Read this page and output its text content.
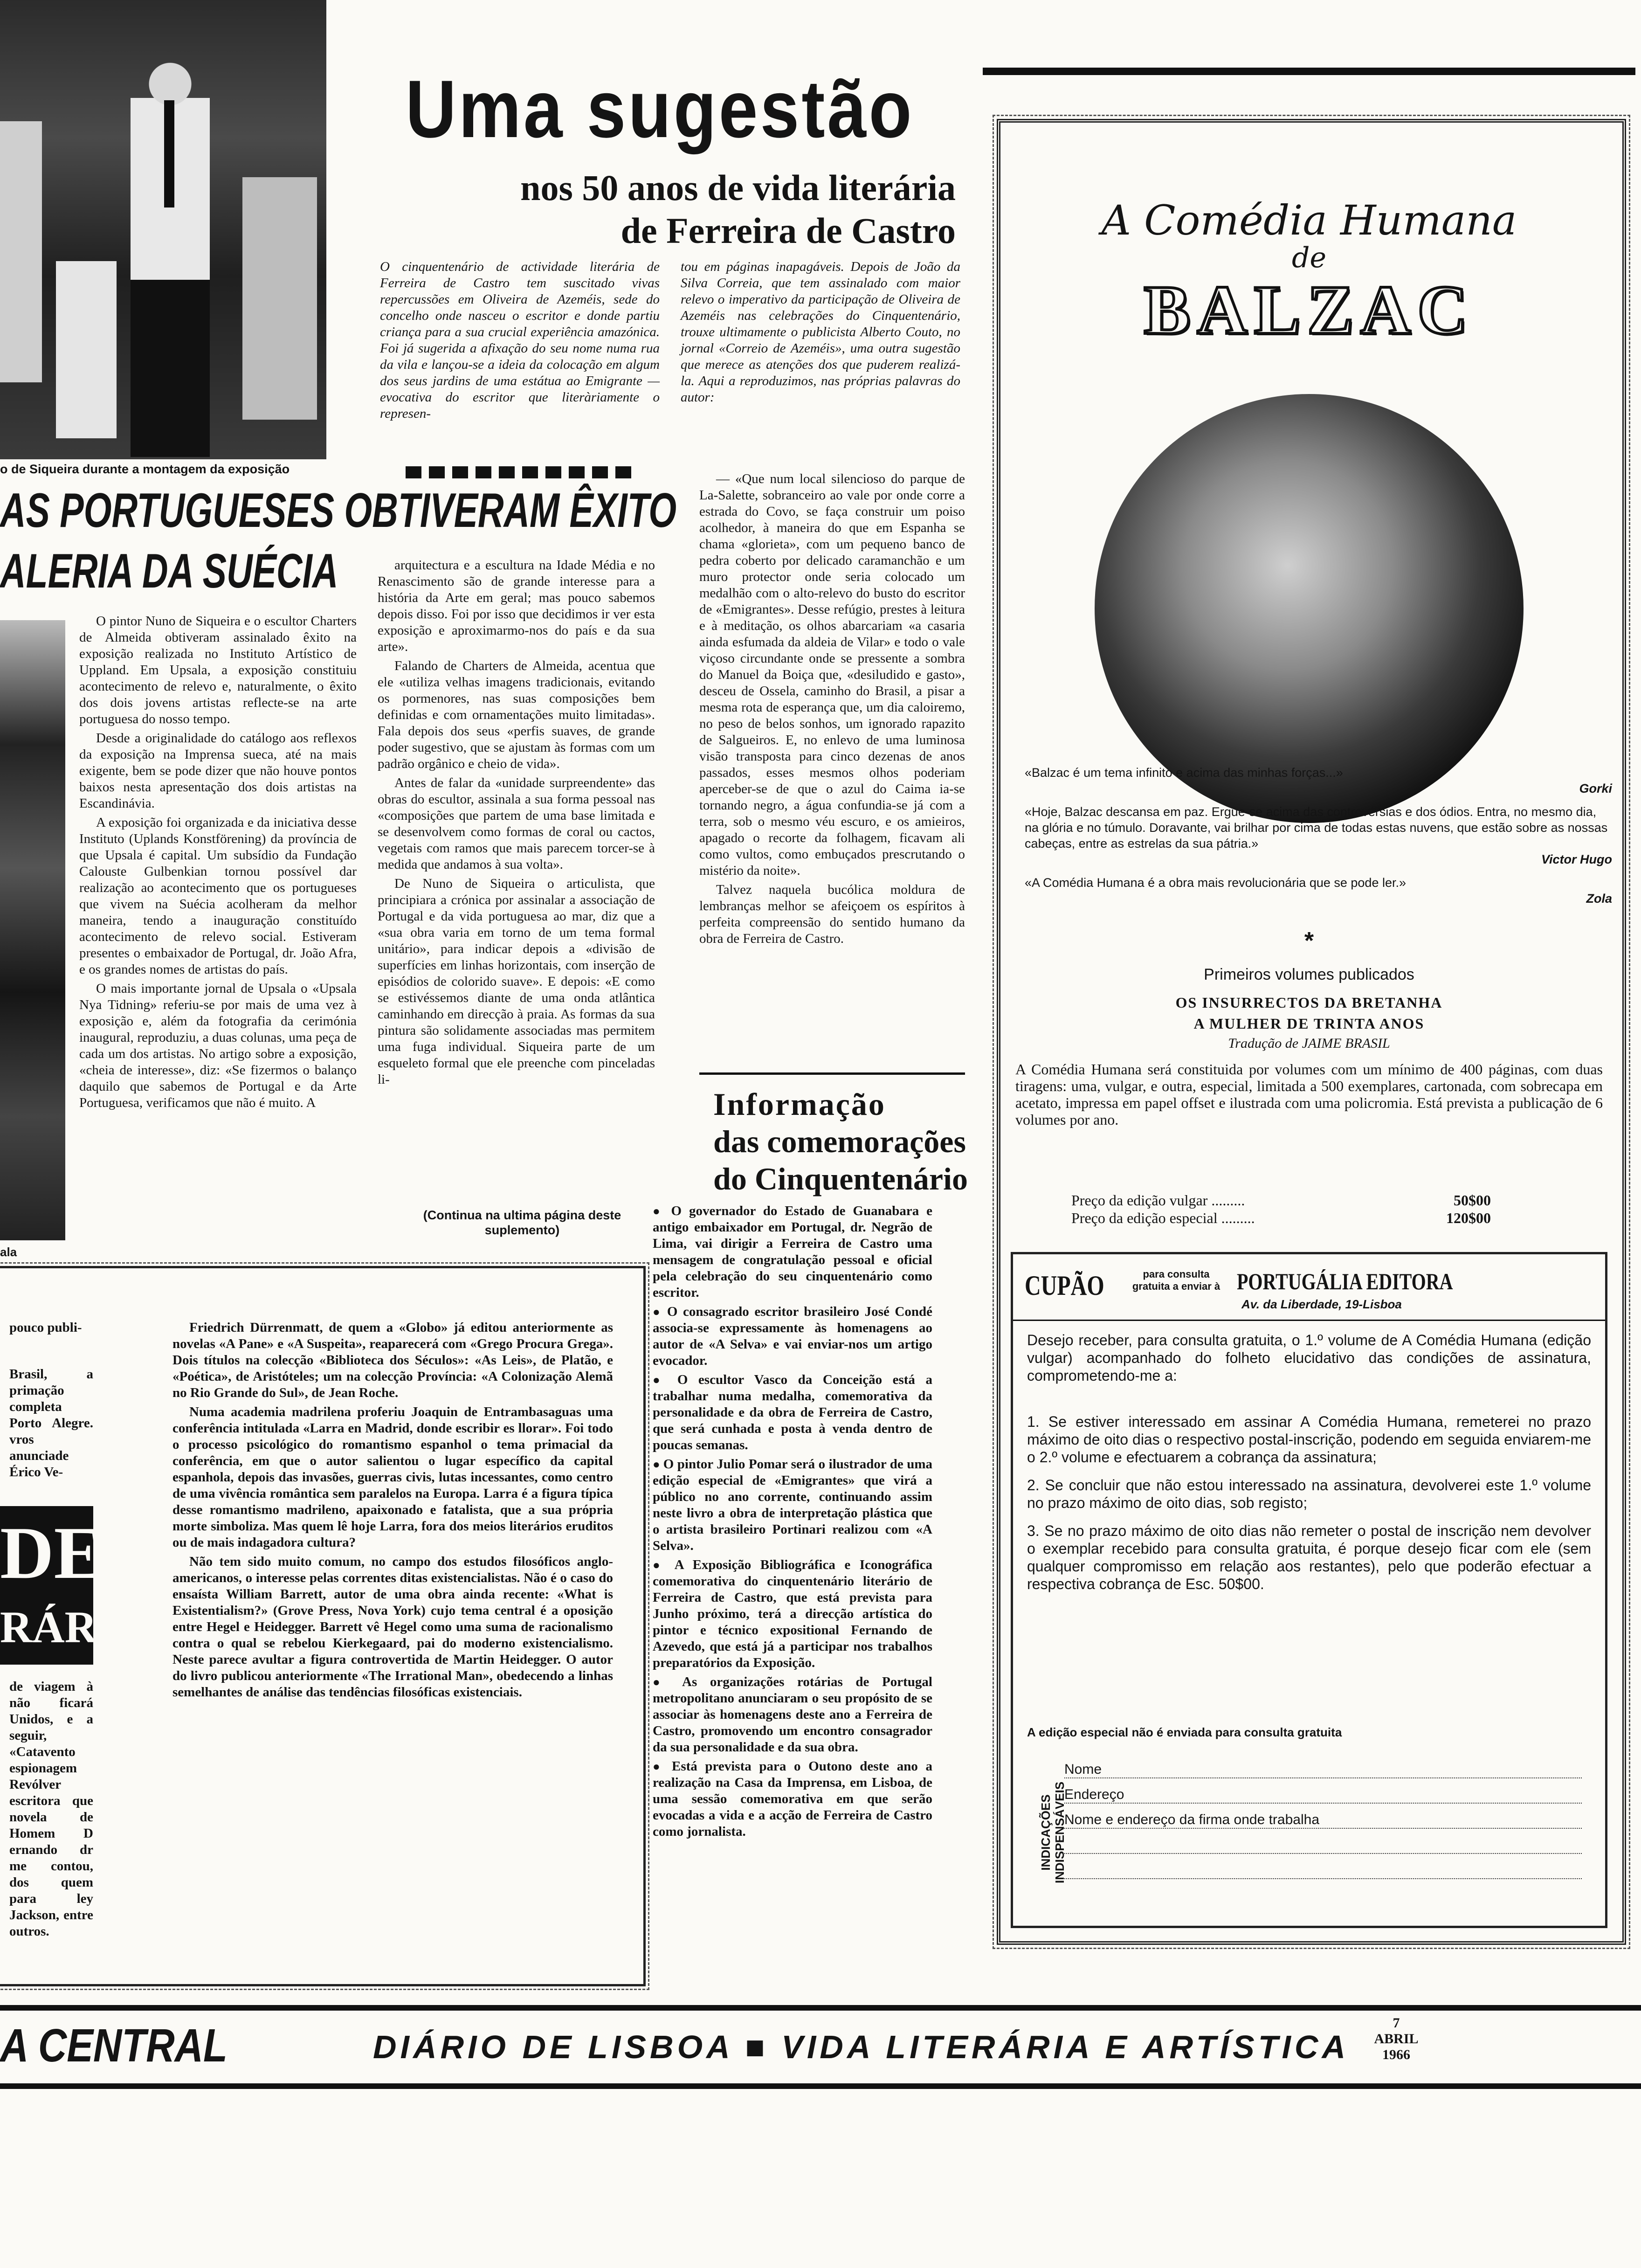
o de Siqueira durante a montagem da exposição
Uma sugestão
nos 50 anos de vida literária
de Ferreira de Castro
O cinquentenário de actividade literária de Ferreira de Castro tem suscitado vivas repercussões em Oliveira de Azeméis, sede do concelho onde nasceu o escritor e donde partiu criança para a sua crucial experiência amazónica. Foi já sugerida a afixação do seu nome numa rua da vila e lançou-se a ideia da colocação em algum dos seus jardins de uma estátua ao Emigrante — evocativa do escritor que literàriamente o represen-
tou em páginas inapagáveis. Depois de João da Silva Correia, que tem assinalado com maior relevo o imperativo da participação de Oliveira de Azeméis nas celebrações do Cinquentenário, trouxe ultimamente o publicista Alberto Couto, no jornal «Correio de Azeméis», uma outra sugestão que merece as atenções dos que puderem realizá-la. Aqui a reproduzimos, nas próprias palavras do autor:

— «Que num local silencioso do parque de La-Salette, sobranceiro ao vale por onde corre a estrada do Covo, se faça construir um poiso acolhedor, à maneira do que em Espanha se chama «glorieta», com um pequeno banco de pedra coberto por delicado caramanchão e um muro protector onde seria colocado um medalhão com o alto-relevo do busto do escritor de «Emigrantes». Desse refúgio, prestes à leitura e à meditação, os olhos abarcariam «a casaria ainda esfumada da aldeia de Vilar» e todo o vale viçoso circundante onde se pressente a sombra do Manuel da Boiça que, «desiludido e gasto», desceu de Ossela, caminho do Brasil, a pisar a mesma rota de esperança que, um dia caloiremo, no peso de belos sonhos, um ignorado rapazito de Salgueiros. E, no enlevo de uma luminosa visão transposta para cinco dezenas de anos passados, esses mesmos olhos poderiam aperceber-se de que o azul do Caima ia-se tornando negro, a água confundia-se já com a terra, sob o mesmo véu escuro, e os amieiros, apagado o recorte da folhagem, ficavam ali como vultos, como embuçados prescrutando o mistério da noite».

Talvez naquela bucólica moldura de lembranças melhor se afeiçoem os espíritos à perfeita compreensão do sentido humano da obra de Ferreira de Castro.

AS PORTUGUESES OBTIVERAM ÊXITO
ALERIA DA SUÉCIA
ala

O pintor Nuno de Siqueira e o escultor Charters de Almeida obtiveram assinalado êxito na exposição realizada no Instituto Artístico de Uppland. Em Upsala, a exposição constituiu acontecimento de relevo e, naturalmente, o êxito dos dois jovens artistas reflecte-se na arte portuguesa do nosso tempo.

Desde a originalidade do catálogo aos reflexos da exposição na Imprensa sueca, até na mais exigente, bem se pode dizer que não houve pontos baixos nesta apresentação dos dois artistas na Escandinávia.

A exposição foi organizada e da iniciativa desse Instituto (Uplands Konstförening) da província de que Upsala é capital. Um subsídio da Fundação Calouste Gulbenkian tornou possível dar realização ao acontecimento que os portugueses que vivem na Suécia acolheram da melhor maneira, tendo a inauguração constituído acontecimento de relevo social. Estiveram presentes o embaixador de Portugal, dr. João Afra, e os grandes nomes de artistas do país.

O mais importante jornal de Upsala o «Upsala Nya Tidning» referiu-se por mais de uma vez à exposição e, além da fotografia da cerimónia inaugural, reproduziu, a duas colunas, uma peça de cada um dos artistas. No artigo sobre a exposição, «cheia de interesse», diz: «Se fizermos o balanço daquilo que sabemos de Portugal e da Arte Portuguesa, verificamos que não é muito. A

arquitectura e a escultura na Idade Média e no Renascimento são de grande interesse para a história da Arte em geral; mas pouco sabemos depois disso. Foi por isso que decidimos ir ver esta exposição e aproximarmo-nos do país e da sua arte».

Falando de Charters de Almeida, acentua que ele «utiliza velhas imagens tradicionais, evitando os pormenores, nas suas composições bem definidas e com ornamentações muito limitadas». Fala depois dos seus «perfis suaves, de grande poder sugestivo, que se ajustam às formas com um padrão orgânico e cheio de vida».

Antes de falar da «unidade surpreendente» das obras do escultor, assinala a sua forma pessoal nas «composições que partem de uma base limitada e se desenvolvem como formas de coral ou cactos, vegetais com ramos que mais parecem torcer-se à medida que andamos à sua volta».

De Nuno de Siqueira o articulista, que principiara a crónica por assinalar a associação de Portugal e da vida portuguesa ao mar, diz que a «sua obra varia em torno de um tema formal unitário», para indicar depois a «divisão de superfícies em linhas horizontais, com inserção de episódios de colorido suave». E depois: «E como se estivéssemos diante de uma onda atlântica caminhando em direcção à praia. As formas da sua pintura são solidamente associadas mas permitem uma fuga individual. Siqueira parte de um esqueleto formal que ele preenche com pinceladas li-

(Continua na ultima página deste suplemento)
Informação
das comemorações
do Cinquentenário

● O governador do Estado de Guanabara e antigo embaixador em Portugal, dr. Negrão de Lima, vai dirigir a Ferreira de Castro uma mensagem de congratulação pessoal e oficial pela celebração do seu cinquentenário como escritor.

● O consagrado escritor brasileiro José Condé associa-se expressamente às homenagens ao autor de «A Selva» e vai enviar-nos um artigo evocador.

● O escultor Vasco da Conceição está a trabalhar numa medalha, comemorativa da personalidade e da obra de Ferreira de Castro, que será cunhada e posta à venda dentro de poucas semanas.

● O pintor Julio Pomar será o ilustrador de uma edição especial de «Emigrantes» que virá a público no ano corrente, continuando assim neste livro a obra de interpretação plástica que o artista brasileiro Portinari realizou com «A Selva».

● A Exposição Bibliográfica e Iconográfica comemorativa do cinquentenário literário de Ferreira de Castro, que está prevista para Junho próximo, terá a direcção artística do pintor e técnico expositional Fernando de Azevedo, que está já a participar nos trabalhos preparatórios da Exposição.

● As organizações rotárias de Portugal metropolitano anunciaram o seu propósito de se associar às homenagens deste ano a Ferreira de Castro, promovendo um encontro consagrador da sua personalidade e da sua obra.

● Está prevista para o Outono deste ano a realização na Casa da Imprensa, em Lisboa, de uma sessão comemorativa em que serão evocadas a vida e a acção de Ferreira de Castro como jornalista.

pouco publi-
Brasil, a primação completa Porto Alegre. vros anunciade Érico Ve-
DE
RÁRIE
de viagem à não ficará Unidos, e a seguir, «Catavento espionagem Revólver escritora que novela de Homem D ernando dr me contou, dos quem para ley Jackson, entre outros.

Friedrich Dürrenmatt, de quem a «Globo» já editou anteriormente as novelas «A Pane» e «A Suspeita», reaparecerá com «Grego Procura Grega». Dois títulos na colecção «Biblioteca dos Séculos»: «As Leis», de Platão, e «Poética», de Aristóteles; um na colecção Província: «A Colonização Alemã no Rio Grande do Sul», de Jean Roche.

Numa academia madrilena proferiu Joaquin de Entrambasaguas uma conferência intitulada «Larra en Madrid, donde escribir es llorar». Foi todo o processo psicológico do romantismo espanhol o tema primacial da conferência, em que o autor salientou o lugar específico da capital espanhola, depois das invasões, guerras civis, lutas incessantes, como centro de uma vivência romântica sem paralelos na Europa. Larra é a figura típica desse romantismo madrileno, apaixonado e fatalista, que a sua própria morte simboliza. Mas quem lê hoje Larra, fora dos meios literários eruditos ou de mais indagadora cultura?

Não tem sido muito comum, no campo dos estudos filosóficos anglo-americanos, o interesse pelas correntes ditas existencialistas. Não é o caso do ensaísta William Barrett, autor de uma obra ainda recente: «What is Existentialism?» (Grove Press, Nova York) cujo tema central é a oposição entre Hegel e Heidegger. Barrett vê Hegel como uma suma de racionalismo contra o qual se rebelou Kierkegaard, pai do moderno existencialismo. Neste parece avultar a figura controvertida de Martin Heidegger. O autor do livro publicou anteriormente «The Irrational Man», obedecendo a linhas semelhantes de análise das tendências filosóficas existenciais.

A Comédia Humana
de
BALZAC
«Balzac é um tema infinito e acima das minhas forças...»
Gorki
«Hoje, Balzac descansa em paz. Ergue-se acima das controvérsias e dos ódios. Entra, no mesmo dia, na glória e no túmulo. Doravante, vai brilhar por cima de todas estas nuvens, que estão sobre as nossas cabeças, entre as estrelas da sua pátria.»
Victor Hugo
«A Comédia Humana é a obra mais revolucionária que se pode ler.»
Zola
*
Primeiros volumes publicados
OS INSURRECTOS DA BRETANHA
A MULHER DE TRINTA ANOS
Tradução de JAIME BRASIL
A Comédia Humana será constituida por volumes com um mínimo de 400 páginas, com duas tiragens: uma, vulgar, e outra, especial, limitada a 500 exemplares, cartonada, com sobrecapa em acetato, impressa em papel offset e ilustrada com uma policromia. Está prevista a publicação de 6 volumes por ano.
Preço da edição vulgar .........	50$00
Preço da edição especial .........	120$00
CUPÃO	para consulta gratuita a enviar à PORTUGÁLIA EDITORA
Av. da Liberdade, 19-Lisboa
Desejo receber, para consulta gratuita, o 1.º volume de A Comédia Humana (edição vulgar) acompanhado do folheto elucidativo das condições de assinatura, comprometendo-me a:
1. Se estiver interessado em assinar A Comédia Humana, remeterei no prazo máximo de oito dias o respectivo postal-inscrição, podendo em seguida enviarem-me o 2.º volume e efectuarem a cobrança da assinatura;
2. Se concluir que não estou interessado na assinatura, devolverei este 1.º volume no prazo máximo de oito dias, sob registo;
3. Se no prazo máximo de oito dias não remeter o postal de inscrição nem devolver o exemplar recebido para consulta gratuita, é porque desejo ficar com ele (sem qualquer compromisso em relação aos restantes), pelo que poderão efectuar a respectiva cobrança de Esc. 50$00.
A edição especial não é enviada para consulta gratuita
INDICAÇÕES INDISPENSÁVEIS
Nome
Endereço
Nome e endereço da firma onde trabalha
A CENTRAL	DIÁRIO DE LISBOA ■ VIDA LITERÁRIA E ARTÍSTICA
7
ABRIL
1966
